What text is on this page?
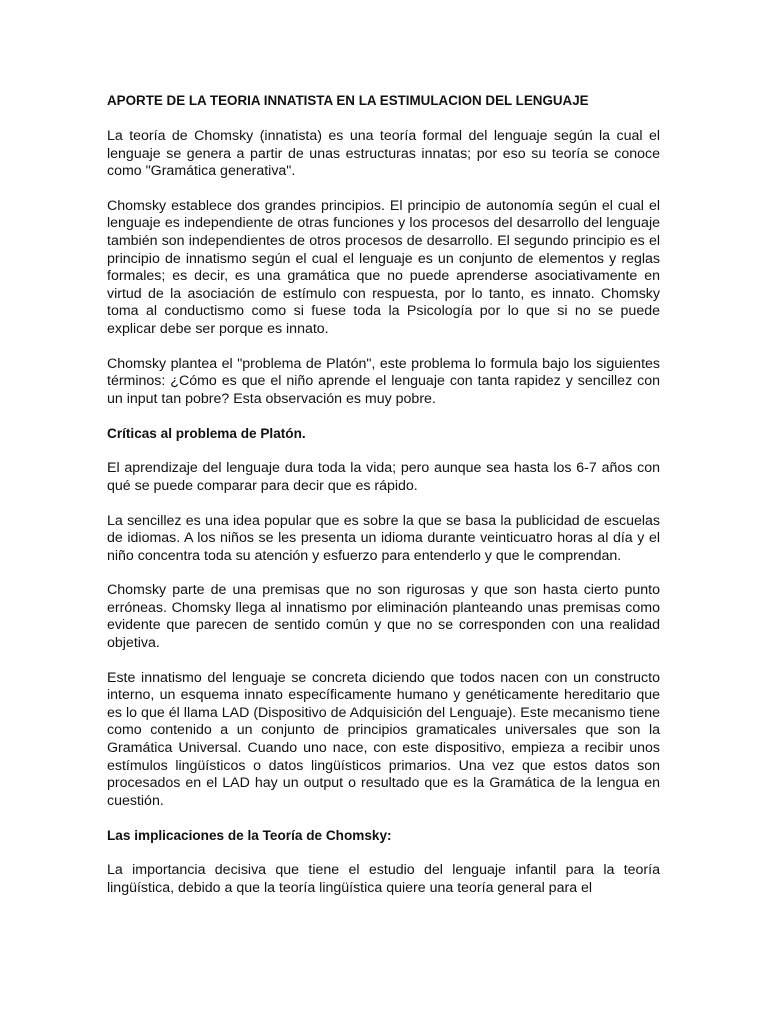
APORTE DE LA TEORIA INNATISTA EN LA ESTIMULACION DEL LENGUAJE

La teoría de Chomsky (innatista) es una teoría formal del lenguaje según la cual el lenguaje se genera a partir de unas estructuras innatas; por eso su teoría se conoce como "Gramática generativa".

Chomsky establece dos grandes principios. El principio de autonomía según el cual el lenguaje es independiente de otras funciones y los procesos del desarrollo del lenguaje también son independientes de otros procesos de desarrollo. El segundo principio es el principio de innatismo según el cual el lenguaje es un conjunto de elementos y reglas formales; es decir, es una gramática que no puede aprenderse asociativamente en virtud de la asociación de estímulo con respuesta, por lo tanto, es innato. Chomsky toma al conductismo como si fuese toda la Psicología por lo que si no se puede explicar debe ser porque es innato.

Chomsky plantea el "problema de Platón", este problema lo formula bajo los siguientes términos: ¿Cómo es que el niño aprende el lenguaje con tanta rapidez y sencillez con un input tan pobre? Esta observación es muy pobre.

Críticas al problema de Platón.

El aprendizaje del lenguaje dura toda la vida; pero aunque sea hasta los 6-7 años con qué se puede comparar para decir que es rápido.

La sencillez es una idea popular que es sobre la que se basa la publicidad de escuelas de idiomas. A los niños se les presenta un idioma durante veinticuatro horas al día y el niño concentra toda su atención y esfuerzo para entenderlo y que le comprendan.

Chomsky parte de una premisas que no son rigurosas y que son hasta cierto punto erróneas. Chomsky llega al innatismo por eliminación planteando unas premisas como evidente que parecen de sentido común y que no se corresponden con una realidad objetiva.

Este innatismo del lenguaje se concreta diciendo que todos nacen con un constructo interno, un esquema innato específicamente humano y genéticamente hereditario que es lo que él llama LAD (Dispositivo de Adquisición del Lenguaje). Este mecanismo tiene como contenido a un conjunto de principios gramaticales universales que son la Gramática Universal. Cuando uno nace, con este dispositivo, empieza a recibir unos estímulos lingüísticos o datos lingüísticos primarios. Una vez que estos datos son procesados en el LAD hay un output o resultado que es la Gramática de la lengua en cuestión.

Las implicaciones de la Teoría de Chomsky:

La importancia decisiva que tiene el estudio del lenguaje infantil para la teoría lingüística, debido a que la teoría lingüística quiere una teoría general para el
